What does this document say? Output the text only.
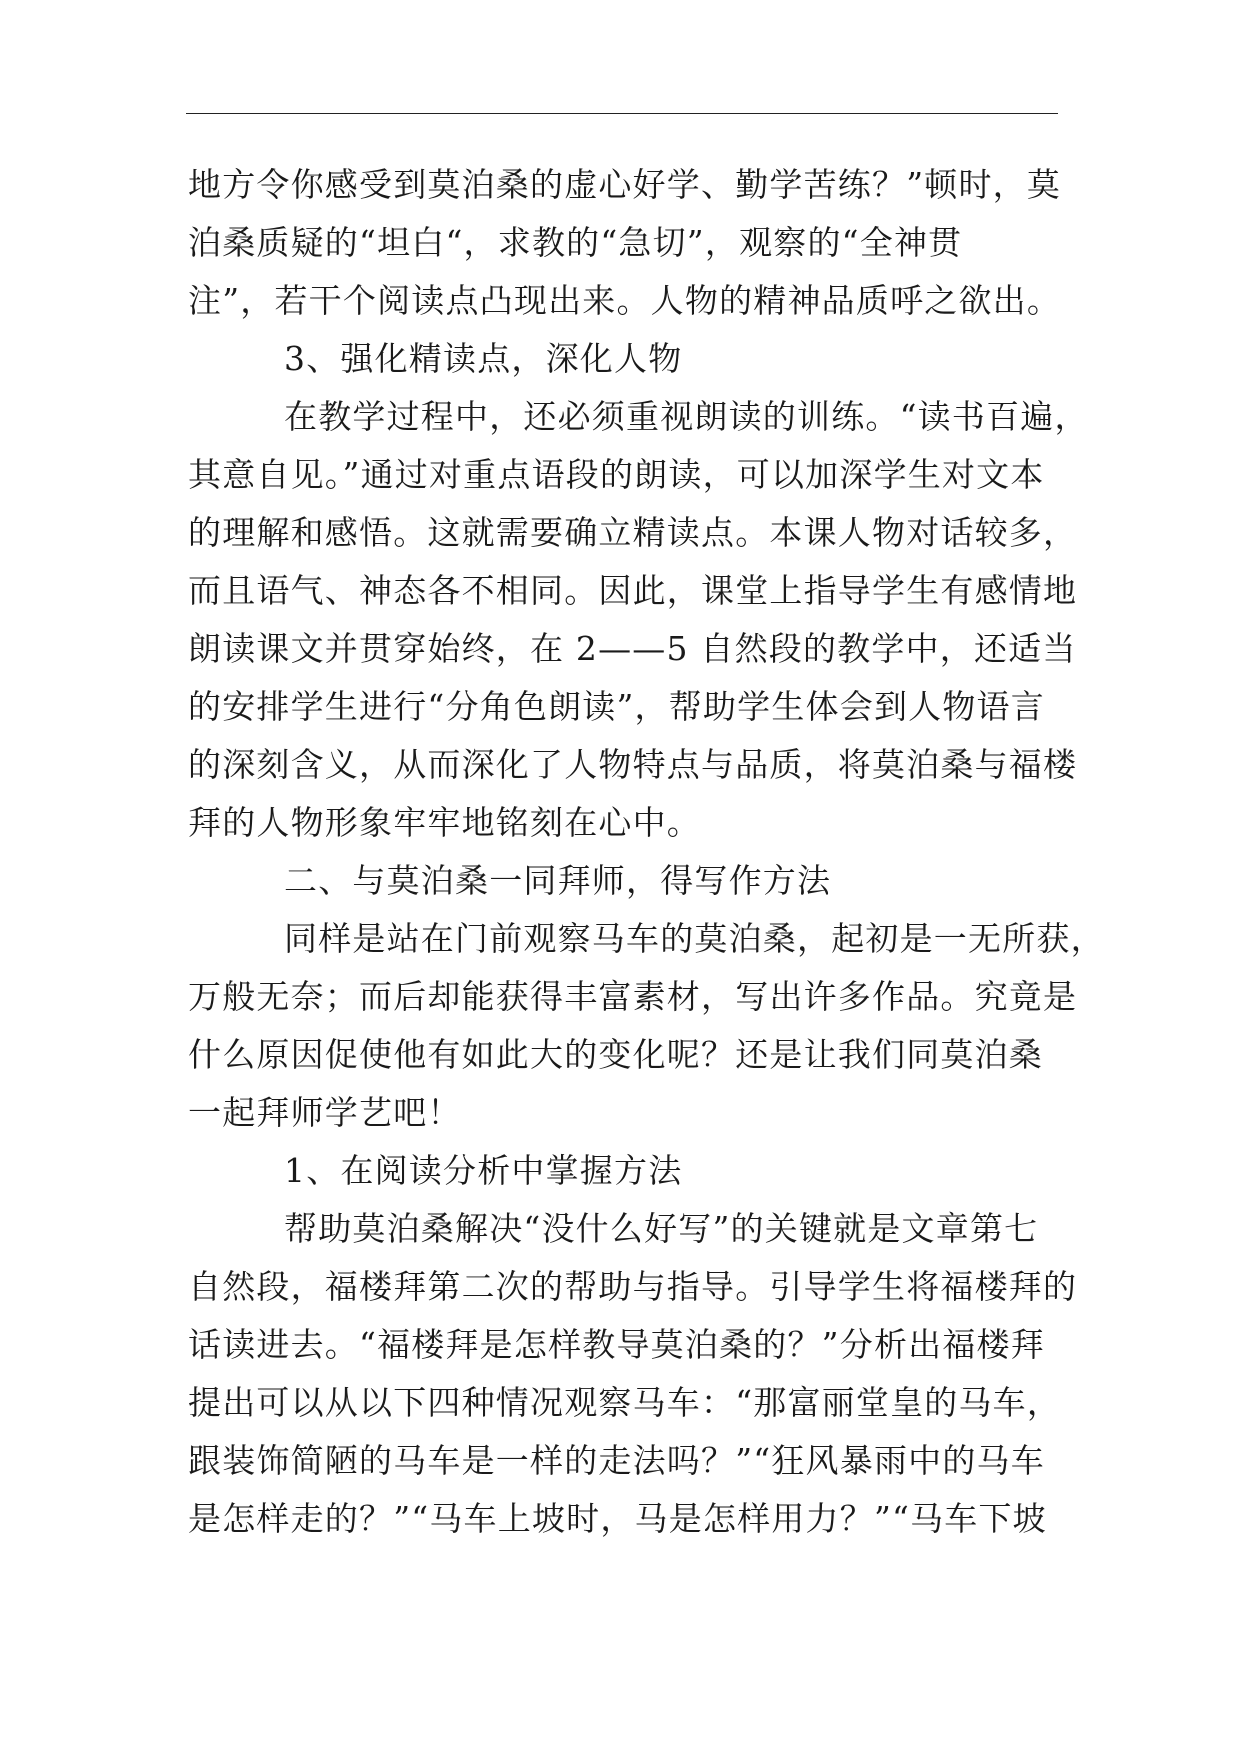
地方令你感受到莫泊桑的虚心好学、勤学苦练？”顿时，莫
泊桑质疑的“坦白“，求教的“急切”，观察的“全神贯
注”，若干个阅读点凸现出来。人物的精神品质呼之欲出。
3、强化精读点，深化人物
在教学过程中，还必须重视朗读的训练。“读书百遍，
其意自见。”通过对重点语段的朗读，可以加深学生对文本
的理解和感悟。这就需要确立精读点。本课人物对话较多，
而且语气、神态各不相同。因此，课堂上指导学生有感情地
朗读课文并贯穿始终，在 2——5 自然段的教学中，还适当
的安排学生进行“分角色朗读”，帮助学生体会到人物语言
的深刻含义，从而深化了人物特点与品质，将莫泊桑与福楼
拜的人物形象牢牢地铭刻在心中。
二、与莫泊桑一同拜师，得写作方法
同样是站在门前观察马车的莫泊桑，起初是一无所获，
万般无奈；而后却能获得丰富素材，写出许多作品。究竟是
什么原因促使他有如此大的变化呢？还是让我们同莫泊桑
一起拜师学艺吧！
1、在阅读分析中掌握方法
帮助莫泊桑解决“没什么好写”的关键就是文章第七
自然段，福楼拜第二次的帮助与指导。引导学生将福楼拜的
话读进去。“福楼拜是怎样教导莫泊桑的？”分析出福楼拜
提出可以从以下四种情况观察马车：“那富丽堂皇的马车，
跟装饰简陋的马车是一样的走法吗？”“狂风暴雨中的马车
是怎样走的？”“马车上坡时，马是怎样用力？”“马车下坡
